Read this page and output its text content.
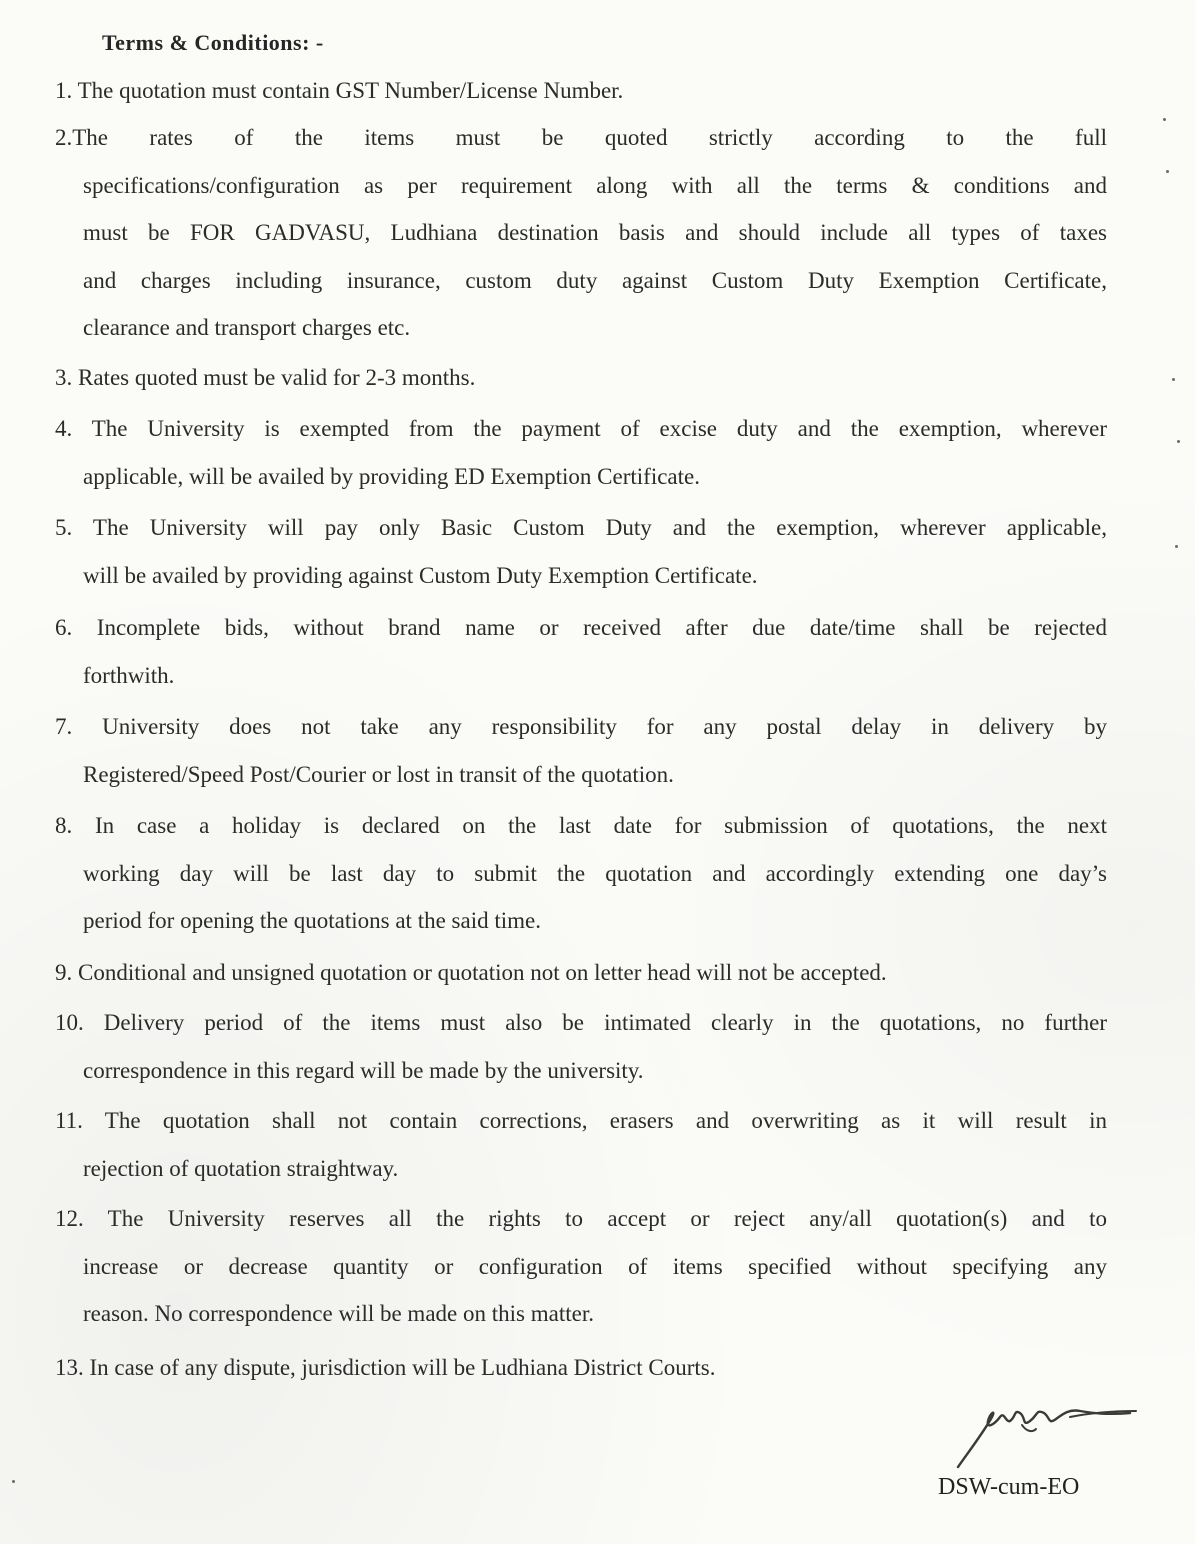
Terms & Conditions: -
1. The quotation must contain GST Number/License Number.
2.The rates of the items must be quoted strictly according to the full
specifications/configuration as per requirement along with all the terms & conditions and
must be FOR GADVASU, Ludhiana destination basis and should include all types of taxes
and charges including insurance, custom duty against Custom Duty Exemption Certificate,
clearance and transport charges etc.
3. Rates quoted must be valid for 2-3 months.
4. The University is exempted from the payment of excise duty and the exemption, wherever
applicable, will be availed by providing ED Exemption Certificate.
5. The University will pay only Basic Custom Duty and the exemption, wherever applicable,
will be availed by providing against Custom Duty Exemption Certificate.
6. Incomplete bids, without brand name or received after due date/time shall be rejected
forthwith.
7. University does not take any responsibility for any postal delay in delivery by
Registered/Speed Post/Courier or lost in transit of the quotation.
8. In case a holiday is declared on the last date for submission of quotations, the next
working day will be last day to submit the quotation and accordingly extending one day’s
period for opening the quotations at the said time.
9. Conditional and unsigned quotation or quotation not on letter head will not be accepted.
10. Delivery period of the items must also be intimated clearly in the quotations, no further
correspondence in this regard will be made by the university.
11. The quotation shall not contain corrections, erasers and overwriting as it will result in
rejection of quotation straightway.
12. The University reserves all the rights to accept or reject any/all quotation(s) and to
increase or decrease quantity or configuration of items specified without specifying any
reason. No correspondence will be made on this matter.
13. In case of any dispute, jurisdiction will be Ludhiana District Courts.
DSW-cum-EO
